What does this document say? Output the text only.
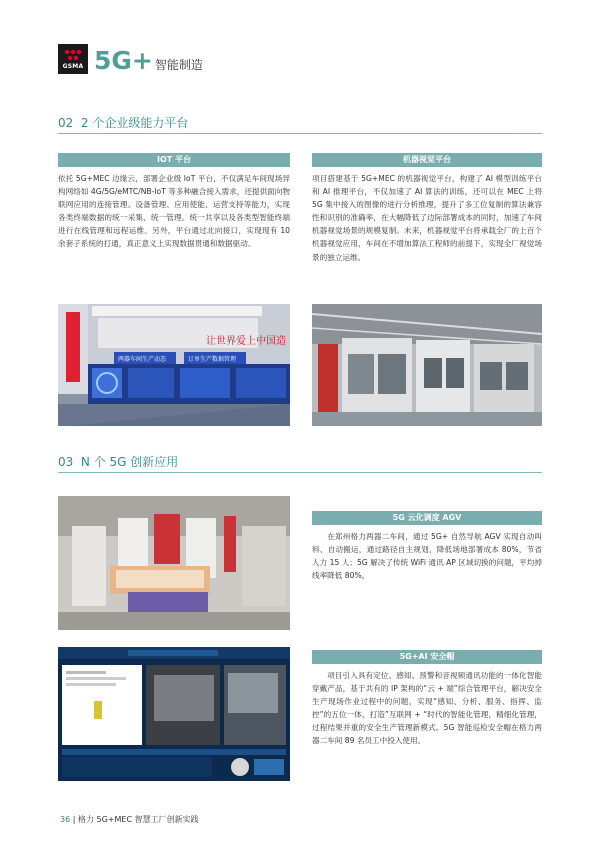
GSMA 5G+ 智能制造
02 2 个企业级能力平台
IOT 平台	机器视觉平台
依托 5G+MEC 边缘云，部署企业级 IoT 平台，不仅满足车间现场异构网络如 4G/5G/eMTC/NB-IoT 等多种融合接入需求，还提供面向物联网应用的连接管理、设备管理、应用使能、运营支持等能力，实现各类终端数据的统一采集、统一管理。统一共享以及各类型智能终端进行在线管理和远程运维。另外，平台通过北向接口，实现现有 10 余套子系统的打通，真正意义上实现数据贯通和数据驱动。
项目搭建基于 5G+MEC 的机器视觉平台，构建了 AI 模型训练平台和 AI 推理平台，不仅加速了 AI 算法的训练，还可以在 MEC 上将 5G 集中接入的图像的进行分析推理，提升了多工位复制的算法兼容性和识别的准确率，在大幅降低了边际部署成本的同时，加速了车间机器视觉场景的规模复制。未来，机器视觉平台将承载全厂的上百个机器视觉应用，车间在不增加算法工程师的前提下，实现全厂视觉场景的独立运维。
让世界爱上中国造
两器车间生产动态	订单生产数据管理
03 N 个 5G 创新应用
5G 云化调度 AGV
在郑州格力两器二车间，通过 5G+ 自然导航 AGV 实现自动叫料、自动搬运，通过路径自主规划，降低场地部署成本 80%，节省人力 15 人；5G 解决了传统 WiFi 通讯 AP 区域切换的问题，平均掉线率降低 80%。
5G+AI 安全帽
项目引入具有定位、感知、预警和音视频通讯功能的一体化智能穿戴产品，基于共有的 IP 架构的“云 + 端”综合管理平台，解决安全生产现场作业过程中的问题，实现“感知、分析、服务、指挥、监控”的五位一体，打造”互联网 + “时代的智能化管理，精细化管理，过程结果并重的安全生产管理新模式。5G 智能巡检安全帽在格力两器二车间 89 名员工中投入使用。
36 | 格力 5G+MEC 智慧工厂创新实践
